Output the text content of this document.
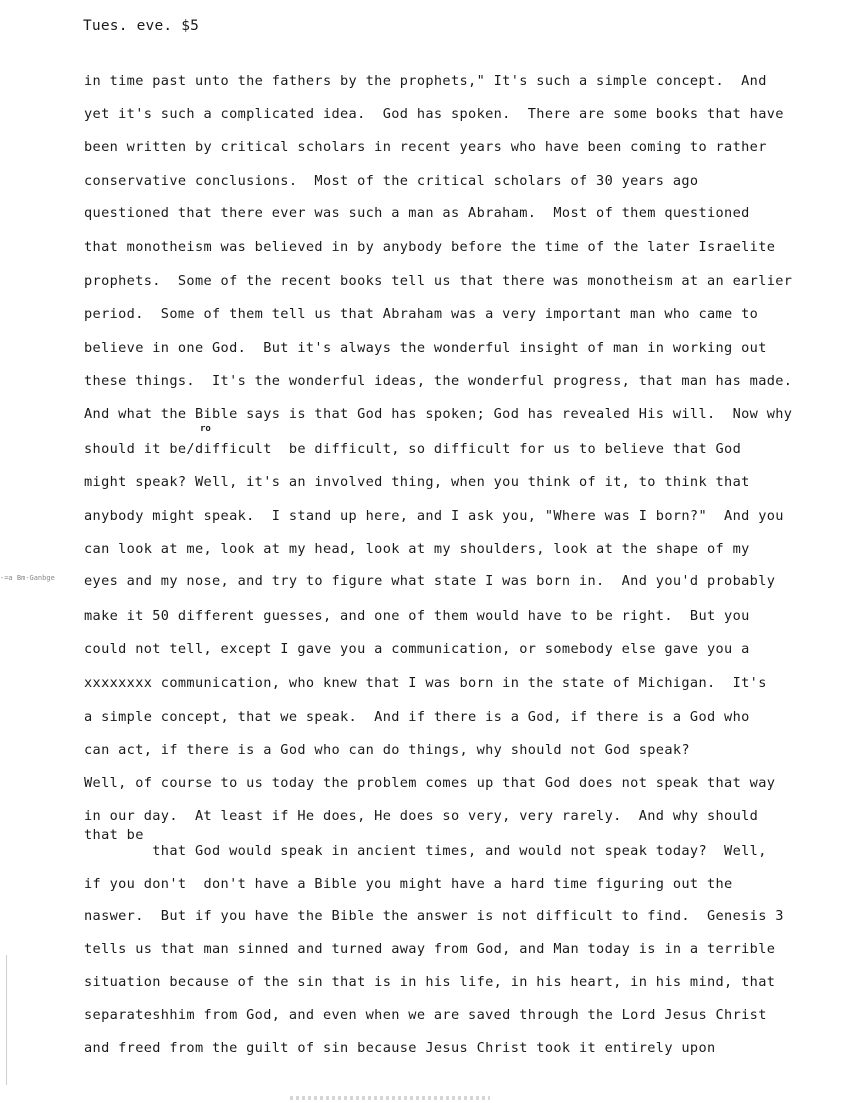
Tues. eve. $5
-=a Bm-Ganbge
ro
in time past unto the fathers by the prophets," It's such a simple concept.  And
yet it's such a complicated idea.  God has spoken.  There are some books that have
been written by critical scholars in recent years who have been coming to rather
conservative conclusions.  Most of the critical scholars of 30 years ago
questioned that there ever was such a man as Abraham.  Most of them questioned
that monotheism was believed in by anybody before the time of the later Israelite
prophets.  Some of the recent books tell us that there was monotheism at an earlier
period.  Some of them tell us that Abraham was a very important man who came to
believe in one God.  But it's always the wonderful insight of man in working out
these things.  It's the wonderful ideas, the wonderful progress, that man has made.
And what the Bible says is that God has spoken; God has revealed His will.  Now why
should it be/difficult  be difficult, so difficult for us to believe that God
might speak? Well, it's an involved thing, when you think of it, to think that
anybody might speak.  I stand up here, and I ask you, "Where was I born?"  And you
can look at me, look at my head, look at my shoulders, look at the shape of my
eyes and my nose, and try to figure what state I was born in.  And you'd probably
make it 50 different guesses, and one of them would have to be right.  But you
could not tell, except I gave you a communication, or somebody else gave you a
xxxxxxxx communication, who knew that I was born in the state of Michigan.  It's
a simple concept, that we speak.  And if there is a God, if there is a God who
can act, if there is a God who can do things, why should not God speak?
Well, of course to us today the problem comes up that God does not speak that way
in our day.  At least if He does, He does so very, very rarely.  And why should
that be
that God would speak in ancient times, and would not speak today?  Well,
if you don't  don't have a Bible you might have a hard time figuring out the
naswer.  But if you have the Bible the answer is not difficult to find.  Genesis 3
tells us that man sinned and turned away from God, and Man today is in a terrible
situation because of the sin that is in his life, in his heart, in his mind, that
separateshhim from God, and even when we are saved through the Lord Jesus Christ
and freed from the guilt of sin because Jesus Christ took it entirely upon
